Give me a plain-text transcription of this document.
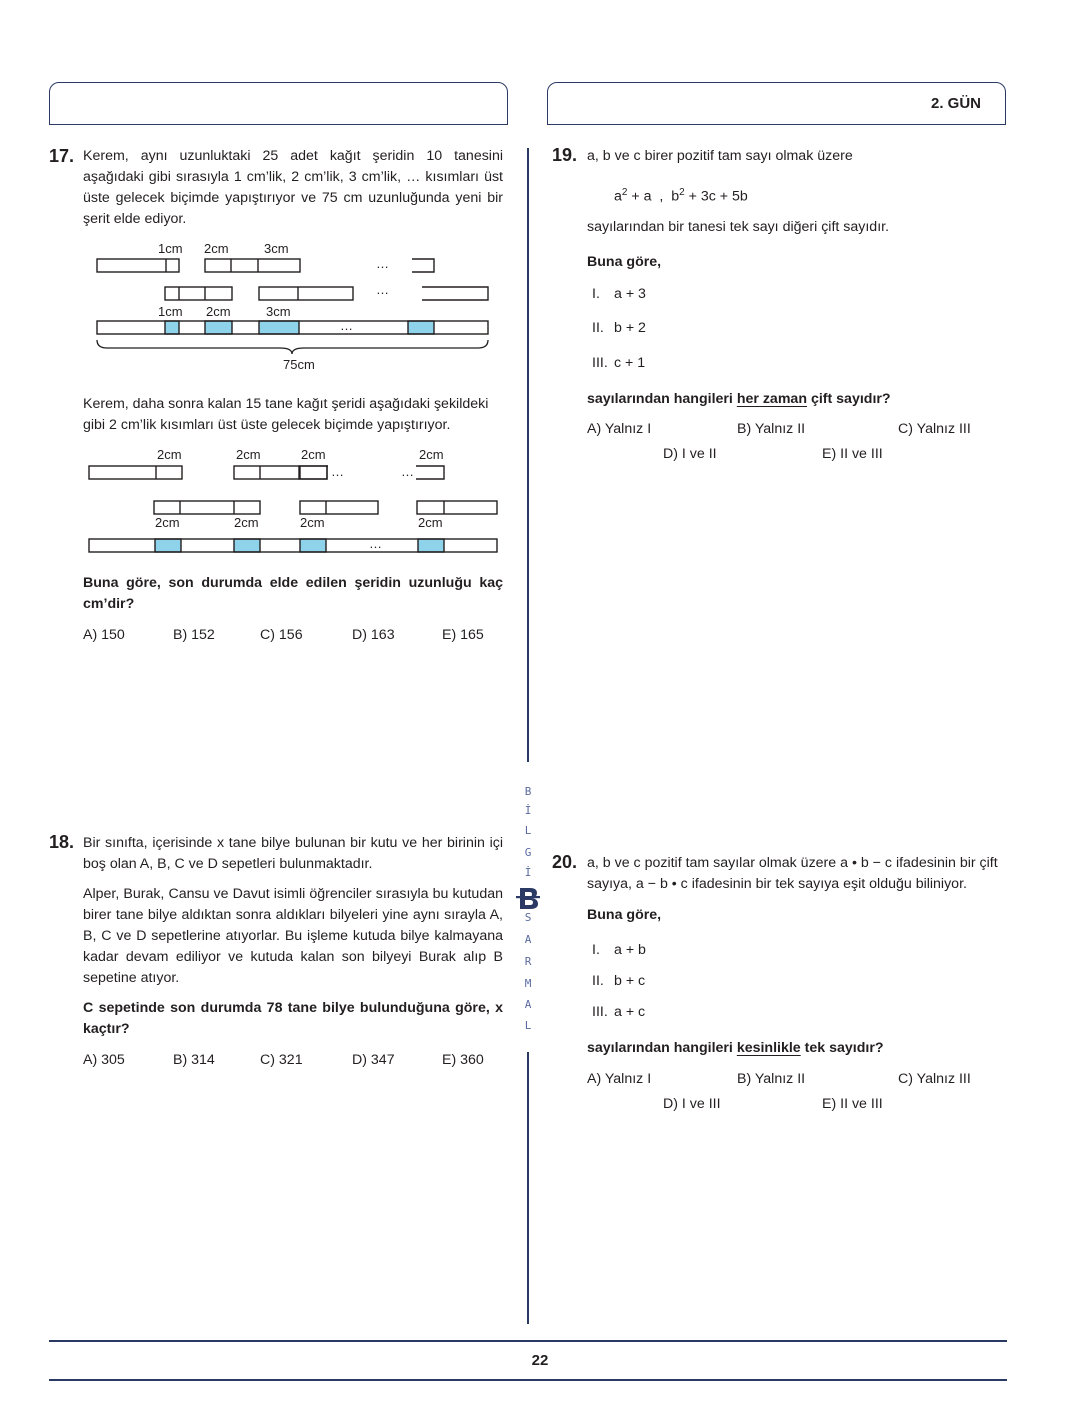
2. GÜN
B
İ
L
G
İ
S
A
R
M
A
L
17. Kerem, aynı uzunluktaki 25 adet kağıt şeridin 10 tanesini aşağıdaki gibi sırasıyla 1 cm’lik, 2 cm’lik, 3 cm’lik, … kısımları üst üste gelecek biçimde yapıştırıyor ve 75 cm uzunluğunda yeni bir şerit elde ediyor.
1cm 2cm	3cm
…
…
1cm 2cm	3cm
…
75cm
Kerem, daha sonra kalan 15 tane kağıt şeridi aşağıdaki şekildeki gibi 2 cm’lik kısımları üst üste gelecek biçimde yapıştırıyor.
2cm	2cm	2cm	2cm
…	…
2cm	2cm	2cm	2cm
…
Buna göre, son durumda elde edilen şeridin uzunluğu kaç cm’dir?
A) 150	B) 152	C) 156	D) 163	E) 165
18. Bir sınıfta, içerisinde x tane bilye bulunan bir kutu ve her birinin içi boş olan A, B, C ve D sepetleri bulunmaktadır.
Alper, Burak, Cansu ve Davut isimli öğrenciler sırasıyla bu kutudan birer tane bilye aldıktan sonra aldıkları bilyeleri yine aynı sırayla A, B, C ve D sepetlerine atıyorlar. Bu işleme kutuda bilye kalmayana kadar devam ediliyor ve kutuda kalan son bilyeyi Burak alıp B sepetine atıyor.
C sepetinde son durumda 78 tane bilye bulunduğuna göre, x kaçtır?
A) 305	B) 314	C) 321	D) 347	E) 360
19. a, b ve c birer pozitif tam sayı olmak üzere
$a^2 + a$ , $b^2 + 3c + 5b$
sayılarından bir tanesi tek sayı diğeri çift sayıdır.
Buna göre,
I. a + 3
II. b + 2
III. c + 1
sayılarından hangileri her zaman çift sayıdır?
A) Yalnız I	B) Yalnız II	C) Yalnız III
D) I ve II	E) II ve III
20. a, b ve c pozitif tam sayılar olmak üzere a • b − c ifadesinin bir çift
sayıya, a − b • c ifadesinin bir tek sayıya eşit olduğu biliniyor.
Buna göre,
I. a + b
II. b + c
III. a + c
sayılarından hangileri kesinlikle tek sayıdır?
A) Yalnız I	B) Yalnız II	C) Yalnız III
D) I ve III	E) II ve III
22
